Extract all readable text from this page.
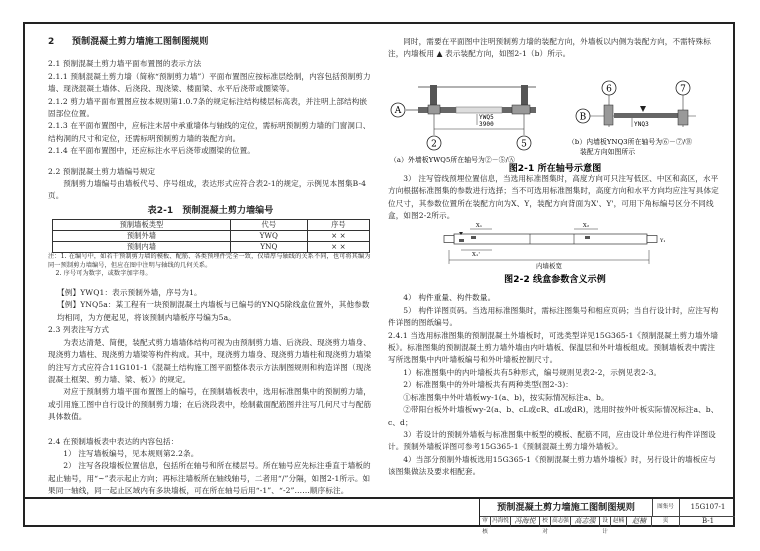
2 预制混凝土剪力墙施工图制图规则

2.1 预制混凝土剪力墙平面布置图的表示方法

2.1.1 预制混凝土剪力墙（简称“预制剪力墙”）平面布置图应按标准层绘制，内容包括预制剪力墙、现浇混凝土墙体、后浇段、现浇梁、楼面梁、水平后浇带或圈梁等。

2.1.2 剪力墙平面布置图应按本规则第1.0.7条的规定标注结构楼层标高表，并注明上部结构嵌固部位位置。

2.1.3 在平面布置图中，应标注未居中承重墙体与轴线的定位，需标明预制剪力墙的门窗洞口、结构洞的尺寸和定位，还需标明预制剪力墙的装配方向。

2.1.4 在平面布置图中，还应标注水平后浇带或圈梁的位置。

2.2 预制混凝土剪力墙编号规定

预制剪力墙编号由墙板代号、序号组成，表达形式应符合表2-1的规定，示例见本图集B-4页。

表2-1　预制混凝土剪力墙编号
预制墙板类型	代号	序号
预制外墙	YWQ	× ×
预制内墙	YNQ	× ×

注：1. 在编号中，如若干预制剪力墙的模板、配筋、各类预埋件完全一致，仅墙厚与轴线的关系不同，也可将其编为同一预制剪力墙编号，但应在图中注明与轴线的几何关系。

2. 序号可为数字，或数字加字母。

【例】YWQ1：表示预制外墙，序号为1。

【例】YNQ5a：某工程有一块预制混凝土内墙板与已编号的YNQ5除线盒位置外，其他参数均相同，为方便起见，将该预制内墙板序号编为5a。

2.3 列表注写方式

为表达清楚、简便，装配式剪力墙墙体结构可视为由预制剪力墙、后浇段、现浇剪力墙身、现浇剪力墙柱、现浇剪力墙梁等构件构成。其中，现浇剪力墙身、现浇剪力墙柱和现浇剪力墙梁的注写方式应符合11G101-1《混凝土结构施工图平面整体表示方法制图规则和构造详图（现浇混凝土框架、剪力墙、梁、板）》的规定。

对应于预制剪力墙平面布置图上的编号，在预制墙板表中，选用标准图集中的预制剪力墙，或引用施工图中自行设计的预制剪力墙；在后浇段表中，绘制截面配筋图并注写几何尺寸与配筋具体数值。

2.4 在预制墙板表中表达的内容包括：

1） 注写墙板编号，见本规则第2.2条。

2） 注写各段墙板位置信息，包括所在轴号和所在楼层号。所在轴号应先标注垂直于墙板的起止轴号，用“~”表示起止方向；再标注墙板所在轴线轴号，二者用“/”分隔，如图2-1所示。如果同一轴线，同一起止区域内有多块墙板，可在所在轴号后用“-1”、“-2”……顺序标注。

同时，需要在平面图中注明预制剪力墙的装配方向，外墙板以内侧为装配方向，不需特殊标注，内墙板用 ▲ 表示装配方向，如图2-1（b）所示。

A
YWQ5
3900
2	5
（a）外墙板YWQ5所在轴号为②－⑤/Ⓐ
6	7
B
YNQ3
（b）内墙板YNQ3所在轴号为⑥－⑦/Ⓑ
装配方向如图所示
图2-1 所在轴号示意图

3） 注写管线预埋位置信息，当选用标准图集时，高度方向可只注写低区、中区和高区，水平方向根据标准图集的参数进行选择；当不可选用标准图集时，高度方向和水平方向均应注写具体定位尺寸，其参数位置所在装配方向为X、Y，装配方向背面为X'、Y'，可用下角标编号区分不同线盒，如图2-2所示。

X₁	X₂
Y₁
X₁'
内墙板宽
图2-2 线盒参数含义示例

4） 构件重量、构件数量。

5） 构件详图页码。当选用标准图集时，需标注图集号和相应页码；当自行设计时，应注写构件详图的图纸编号。

2.4.1 当选用标准图集的预制混凝土外墙板时，可选类型详见15G365-1《预制混凝土剪力墙外墙板》。标准图集的预制混凝土剪力墙外墙由内叶墙板、保温层和外叶墙板组成。预制墙板表中需注写所选图集中内叶墙板编号和外叶墙板控制尺寸。

1）标准图集中的内叶墙板共有5种形式，编号规则见表2-2，示例见表2-3。

2）标准图集中的外叶墙板共有两种类型(图2-3)：

①标准图集中外叶墙板wy-1(a、b)，按实际情况标注a、b。

②带阳台板外叶墙板wy-2(a、b、cL或cR、dL或dR)，选用时按外叶板实际情况标注a、b、c、d；

3）若设计的预制外墙板与标准图集中板型的模板、配筋不同，应由设计单位进行构件详图设计。预制外墙板详图可参考15G365-1《预制混凝土剪力墙外墙板》。

4）当部分预制外墙板选用15G365-1《预制混凝土剪力墙外墙板》时，另行设计的墙板应与该图集做法及要求相配套。

预制混凝土剪力墙施工图制图规则	图集号	15G107-1
审核
冯海悦 冯海悦	校对
高志强 高志强	设计
赵楠	赵楠	页	B-1
